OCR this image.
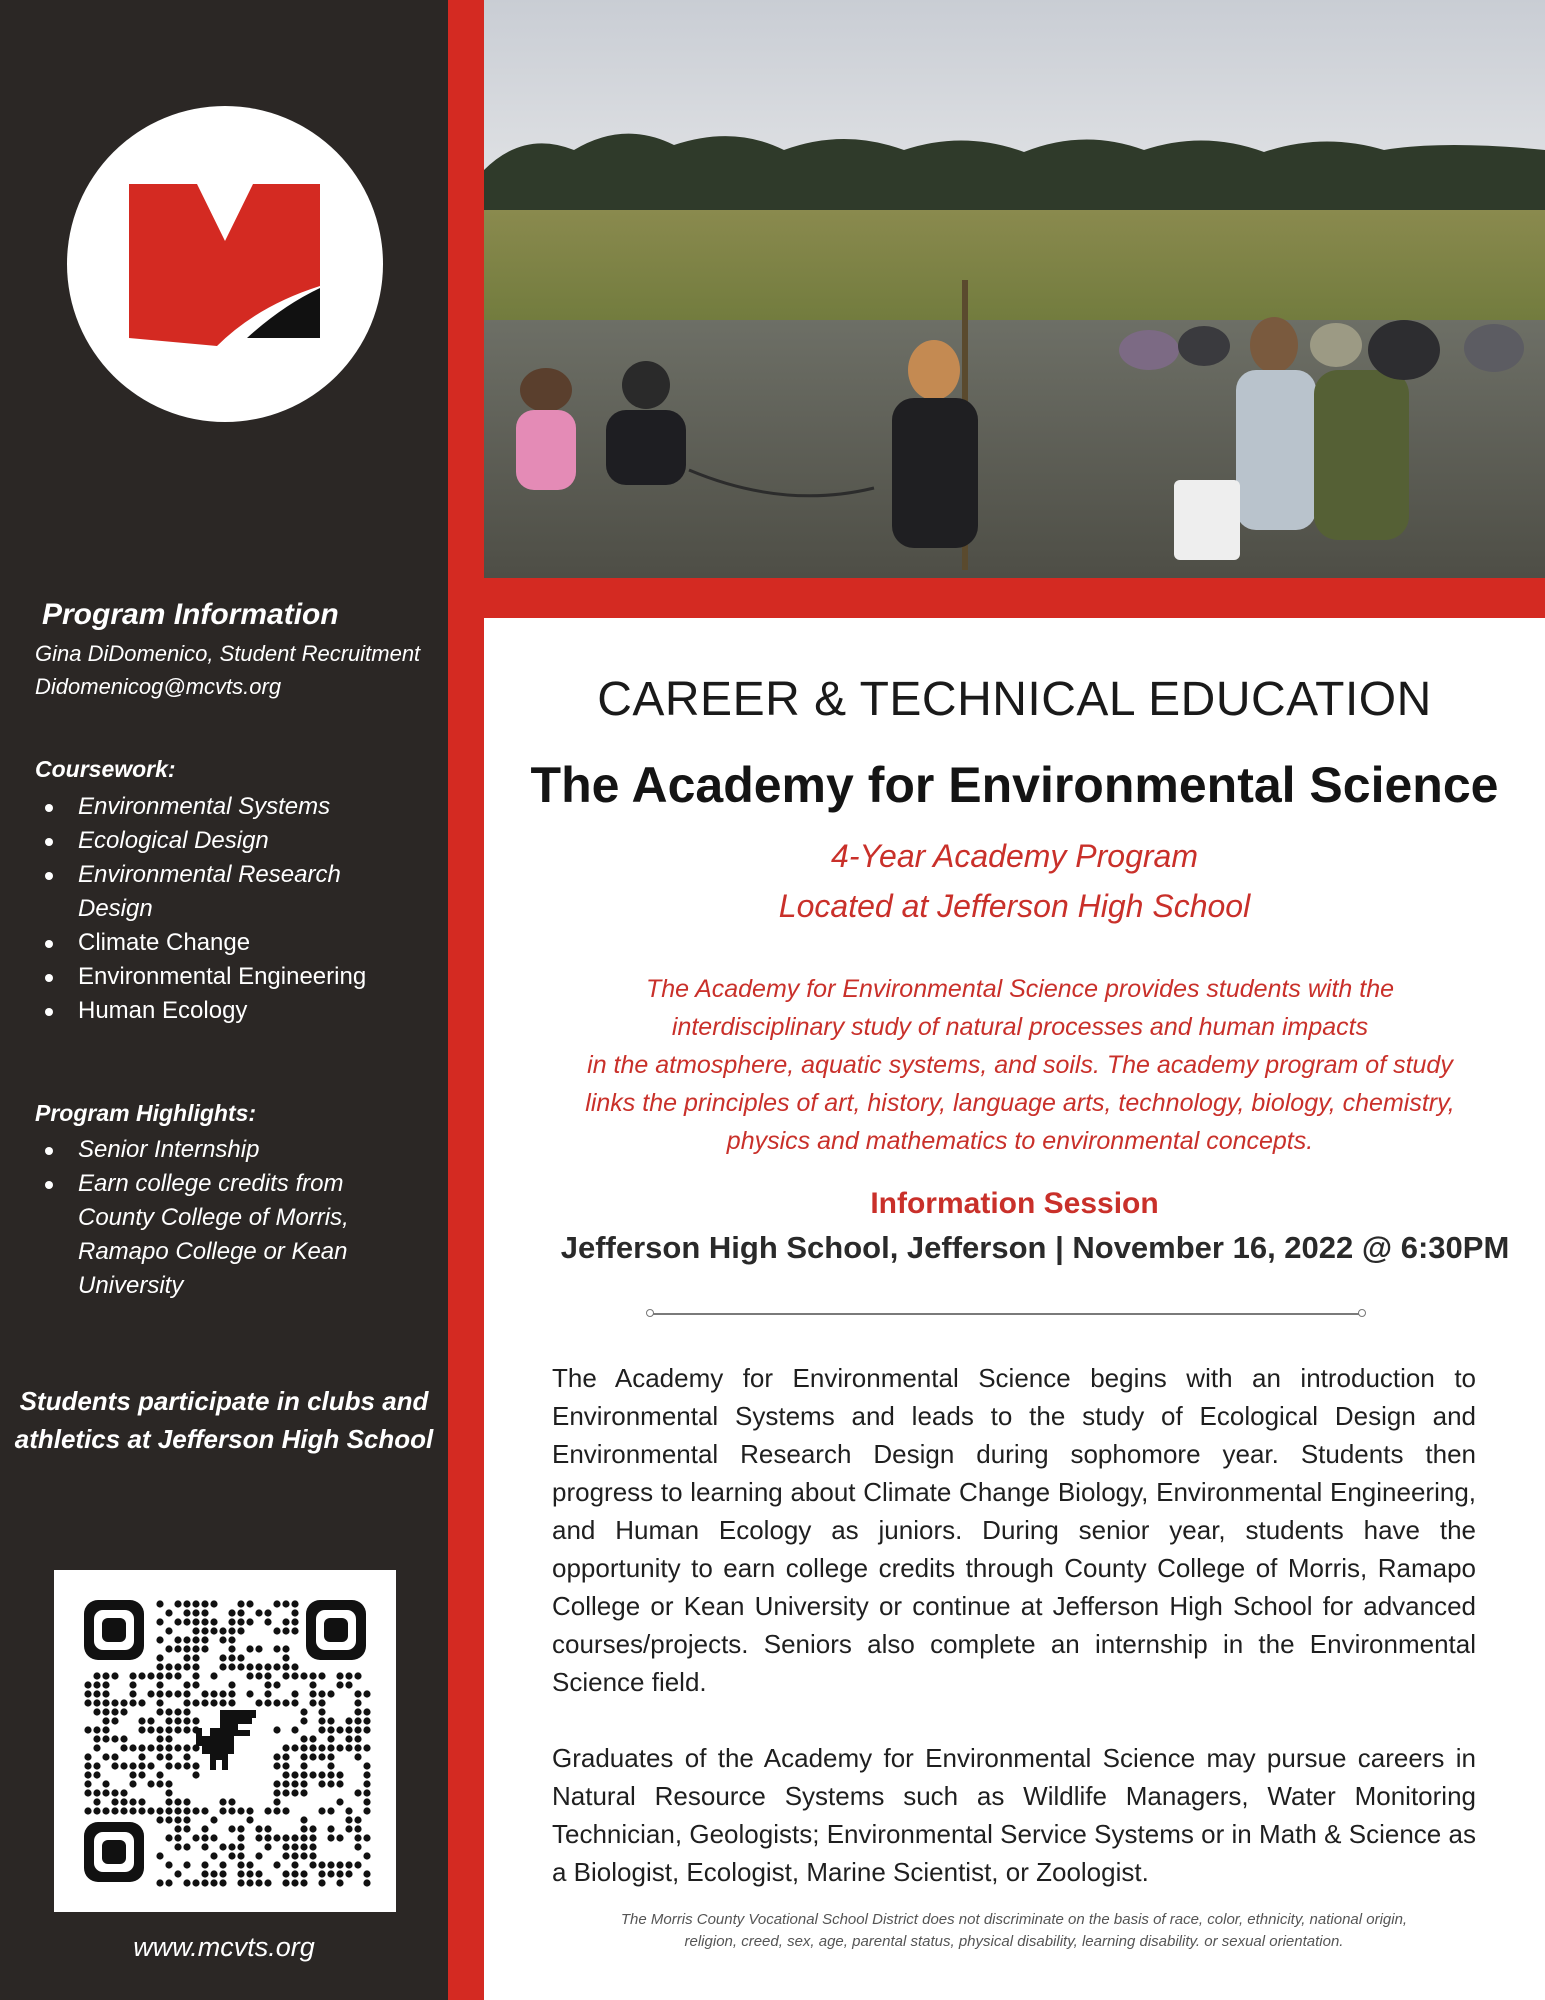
Program Information
Gina DiDomenico, Student Recruitment
Didomenicog@mcvts.org
Coursework:
Environmental Systems
Ecological Design
Environmental Research Design
Climate Change
Environmental Engineering
Human Ecology
Program Highlights:
Senior Internship
Earn college credits from County College of Morris, Ramapo College or Kean University
Students participate in clubs and
athletics at Jefferson High School
www.mcvts.org
CAREER & TECHNICAL EDUCATION
The Academy for Environmental Science
4-Year Academy Program
Located at Jefferson High School
The Academy for Environmental Science provides students with the
interdisciplinary study of natural processes and human impacts
in the atmosphere, aquatic systems, and soils. The academy program of study
links the principles of art, history, language arts, technology, biology, chemistry,
physics and mathematics to environmental concepts.
Information Session
Jefferson High School, Jefferson | November 16, 2022 @ 6:30PM

The Academy for Environmental Science begins with an introduction to Environmental Systems and leads to the study of Ecological Design and Environmental Research Design during sophomore year. Students then progress to learning about Climate Change Biology, Environmental Engineering, and Human Ecology as juniors. During senior year, students have the opportunity to earn college credits through County College of Morris, Ramapo College or Kean University or continue at Jefferson High School for advanced courses/projects. Seniors also complete an internship in the Environmental Science field.

Graduates of the Academy for Environmental Science may pursue careers in Natural Resource Systems such as Wildlife Managers, Water Monitoring Technician, Geologists; Environmental Service Systems or in Math & Science as a Biologist, Ecologist, Marine Scientist, or Zoologist.

The Morris County Vocational School District does not discriminate on the basis of race, color, ethnicity, national origin,
religion, creed, sex, age, parental status, physical disability, learning disability. or sexual orientation.
